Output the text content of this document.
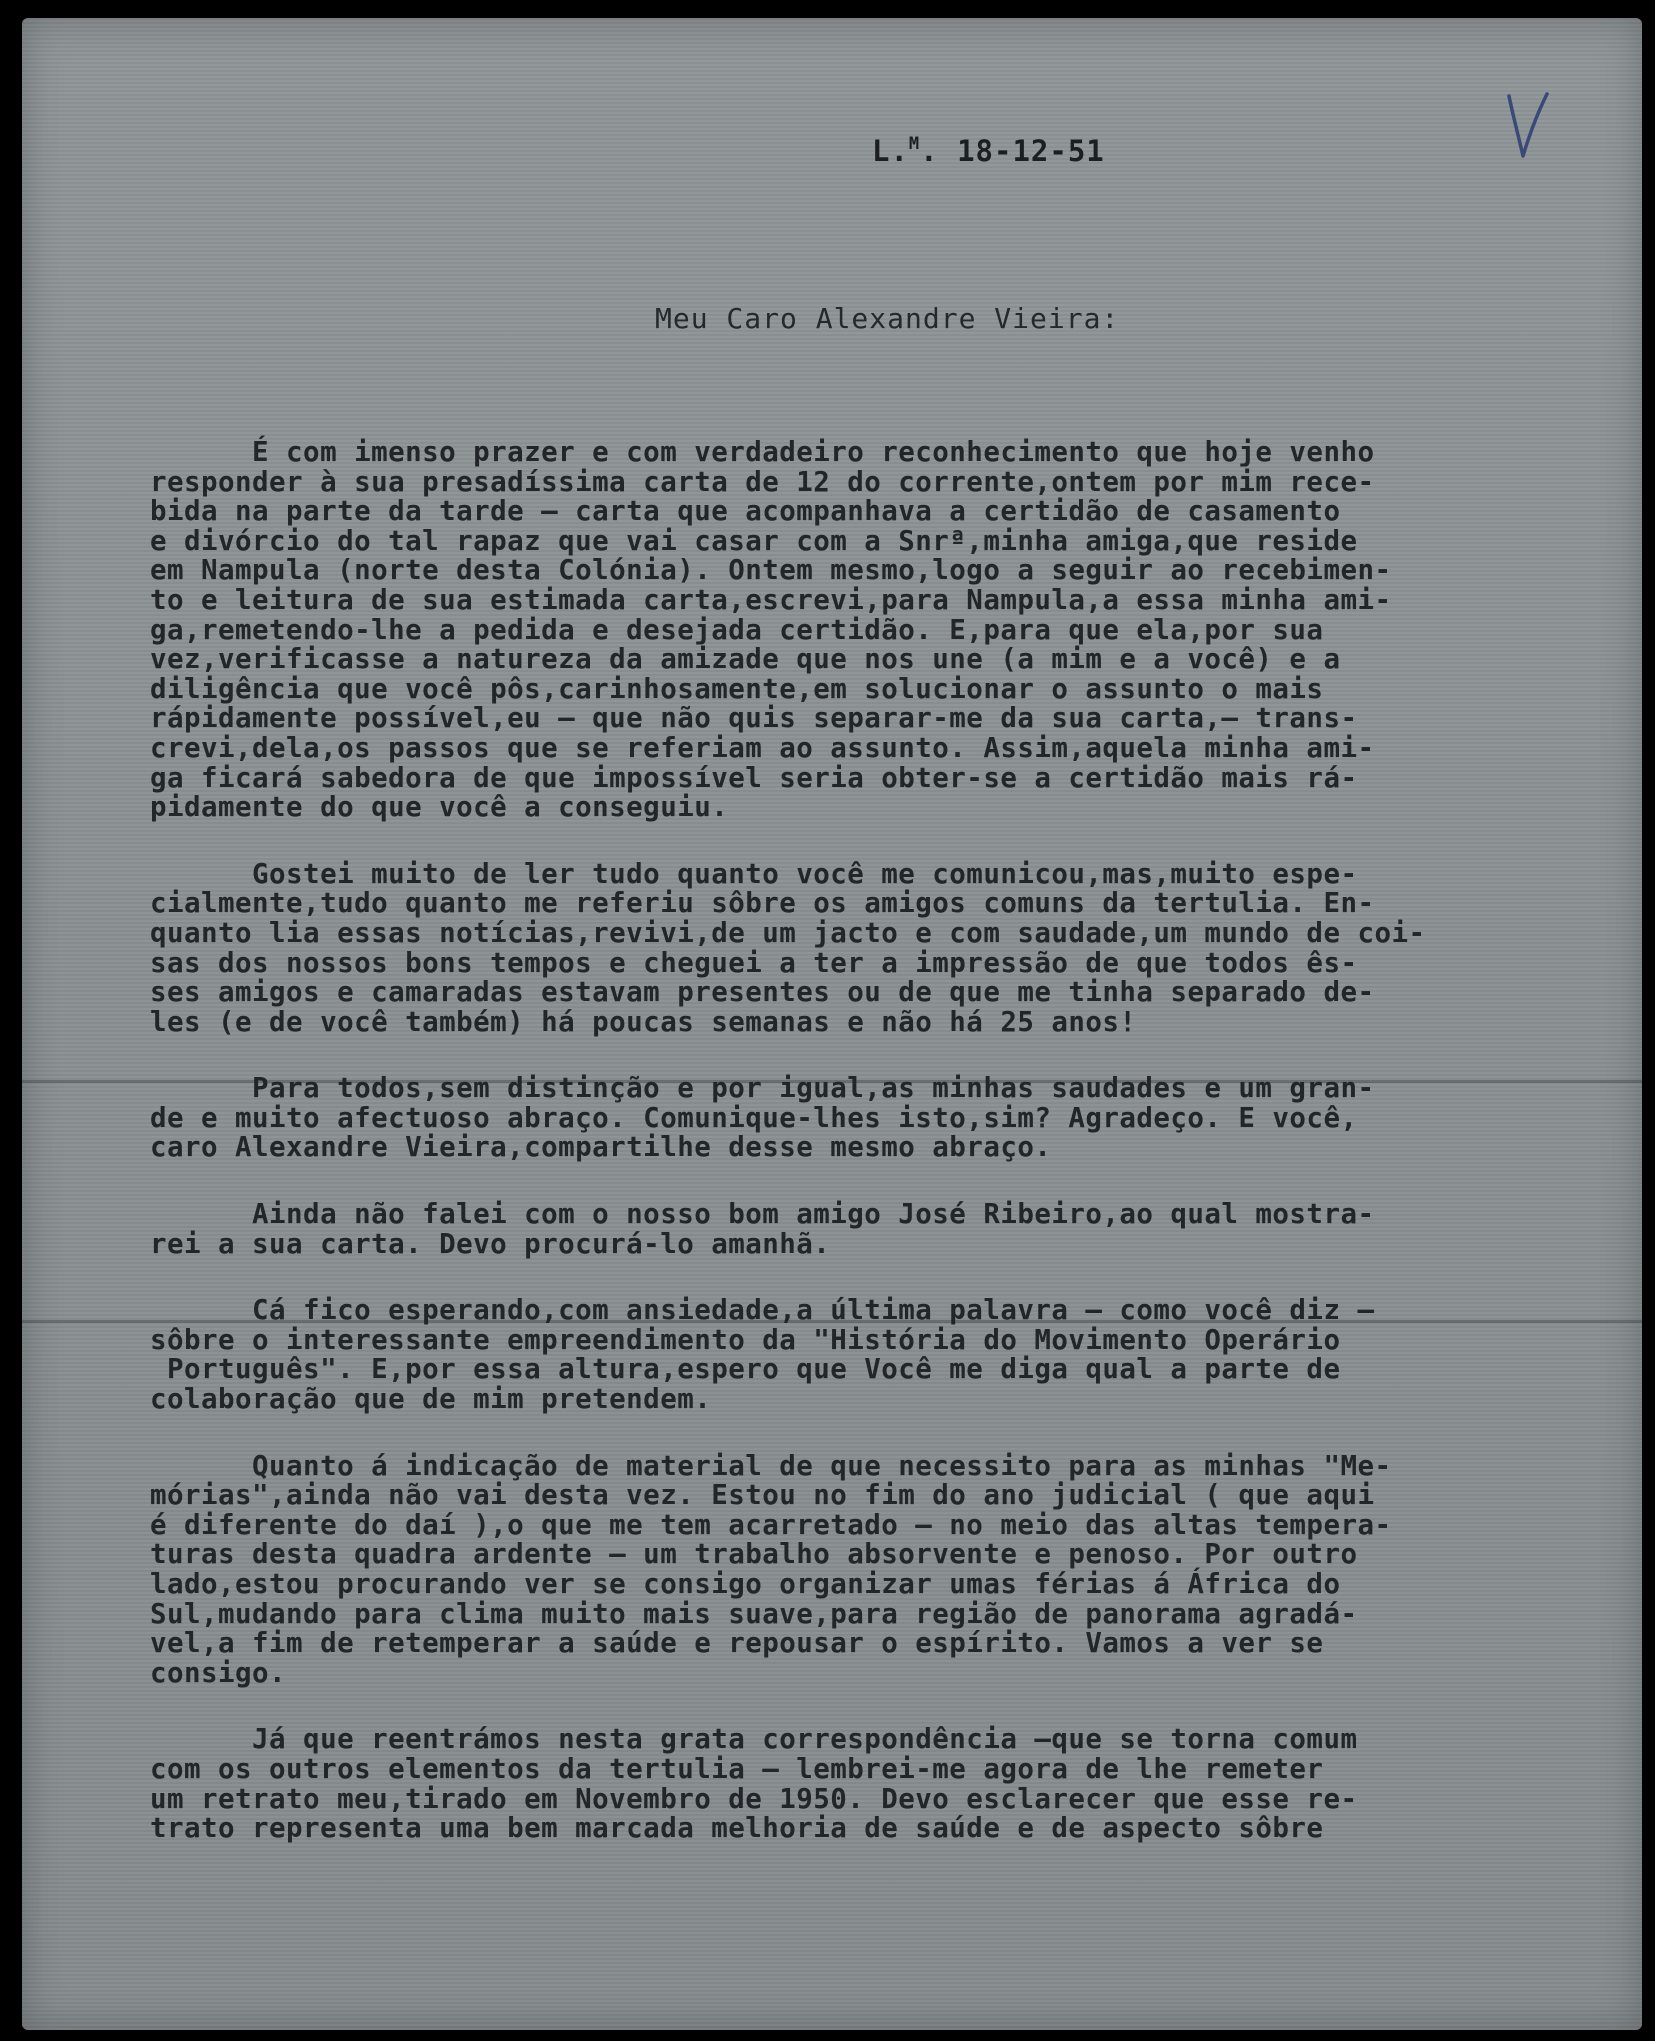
L.$^M$. 18-12-51
Meu Caro Alexandre Vieira:
É com imenso prazer e com verdadeiro reconhecimento que hoje venho
responder à sua presadíssima carta de 12 do corrente,ontem por mim rece-
bida na parte da tarde — carta que acompanhava a certidão de casamento
e divórcio do tal rapaz que vai casar com a Snrª,minha amiga,que reside
em Nampula (norte desta Colónia). Ontem mesmo,logo a seguir ao recebimen-
to e leitura de sua estimada carta,escrevi,para Nampula,a essa minha ami-
ga,remetendo-lhe a pedida e desejada certidão. E,para que ela,por sua
vez,verificasse a natureza da amizade que nos une (a mim e a você) e a
diligência que você pôs,carinhosamente,em solucionar o assunto o mais
rápidamente possível,eu — que não quis separar-me da sua carta,— trans-
crevi,dela,os passos que se referiam ao assunto. Assim,aquela minha ami-
ga ficará sabedora de que impossível seria obter-se a certidão mais rá-
pidamente do que você a conseguiu.
Gostei muito de ler tudo quanto você me comunicou,mas,muito espe-
cialmente,tudo quanto me referiu sôbre os amigos comuns da tertulia. En-
quanto lia essas notícias,revivi,de um jacto e com saudade,um mundo de coi-
sas dos nossos bons tempos e cheguei a ter a impressão de que todos ês-
ses amigos e camaradas estavam presentes ou de que me tinha separado de-
les (e de você também) há poucas semanas e não há 25 anos!
Para todos,sem distinção e por igual,as minhas saudades e um gran-
de e muito afectuoso abraço. Comunique-lhes isto,sim? Agradeço. E você,
caro Alexandre Vieira,compartilhe desse mesmo abraço.
Ainda não falei com o nosso bom amigo José Ribeiro,ao qual mostra-
rei a sua carta. Devo procurá-lo amanhã.
Cá fico esperando,com ansiedade,a última palavra — como você diz —
sôbre o interessante empreendimento da "História do Movimento Operário
Português". E,por essa altura,espero que Você me diga qual a parte de
colaboração que de mim pretendem.
Quanto á indicação de material de que necessito para as minhas "Me-
mórias",ainda não vai desta vez. Estou no fim do ano judicial ( que aqui
é diferente do daí ),o que me tem acarretado — no meio das altas tempera-
turas desta quadra ardente — um trabalho absorvente e penoso. Por outro
lado,estou procurando ver se consigo organizar umas férias á África do
Sul,mudando para clima muito mais suave,para região de panorama agradá-
vel,a fim de retemperar a saúde e repousar o espírito. Vamos a ver se
consigo.
Já que reentrámos nesta grata correspondência —que se torna comum
com os outros elementos da tertulia — lembrei-me agora de lhe remeter
um retrato meu,tirado em Novembro de 1950. Devo esclarecer que esse re-
trato representa uma bem marcada melhoria de saúde e de aspecto sôbre
